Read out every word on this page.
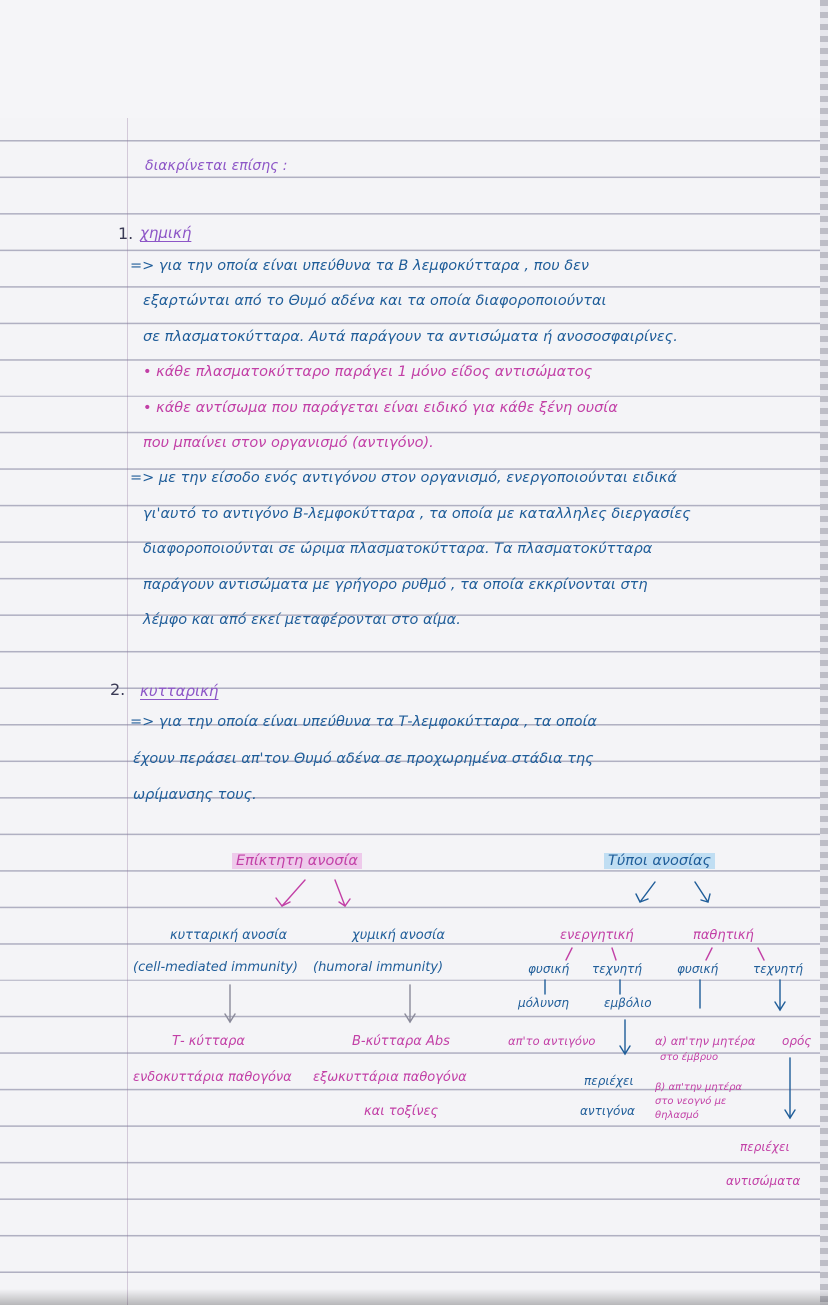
διακρίνεται επίσης :
1. χημική
=> για την οποία είναι υπεύθυνα τα Β λεμφοκύτταρα , που δεν
εξαρτώνται από το Θυμό αδένα και τα οποία διαφοροποιούνται
σε πλασματοκύτταρα. Αυτά παράγουν τα αντισώματα ή ανοσοσφαιρίνες.
• κάθε πλασματοκύτταρο παράγει 1 μόνο είδος αντισώματος
• κάθε αντίσωμα που παράγεται είναι ειδικό για κάθε ξένη ουσία
που μπαίνει στον οργανισμό (αντιγόνο).
=> με την είσοδο ενός αντιγόνου στον οργανισμό, ενεργοποιούνται ειδικά
γι'αυτό το αντιγόνο Β-λεμφοκύτταρα , τα οποία με καταλληλες διεργασίες
διαφοροποιούνται σε ώριμα πλασματοκύτταρα. Τα πλασματοκύτταρα
παράγουν αντισώματα με γρήγορο ρυθμό , τα οποία εκκρίνονται στη
λέμφο και από εκεί μεταφέρονται στο αίμα.
2. κυτταρική
=> για την οποία είναι υπεύθυνα τα Τ-λεμφοκύτταρα , τα οποία
έχουν περάσει απ'τον Θυμό αδένα σε προχωρημένα στάδια της
ωρίμανσης τους.
Επίκτητη ανοσία
κυτταρική ανοσία
(cell-mediated immunity)
Τ- κύτταρα
ενδοκυττάρια παθογόνα
χυμική ανοσία
(humoral immunity)
Β-κύτταρα Abs
εξωκυττάρια παθογόνα
και τοξίνες
Τύποι ανοσίας
ενεργητική	παθητική
φυσική τεχνητή	φυσική	τεχνητή
μόλυνση	εμβόλιο
απ'το αντιγόνο
περιέχει
αντιγόνα
α) απ'την μητέρα
στο έμβρυο
β) απ'την μητέρα
στο νεογνό με
θηλασμό
ορός
περιέχει
αντισώματα
